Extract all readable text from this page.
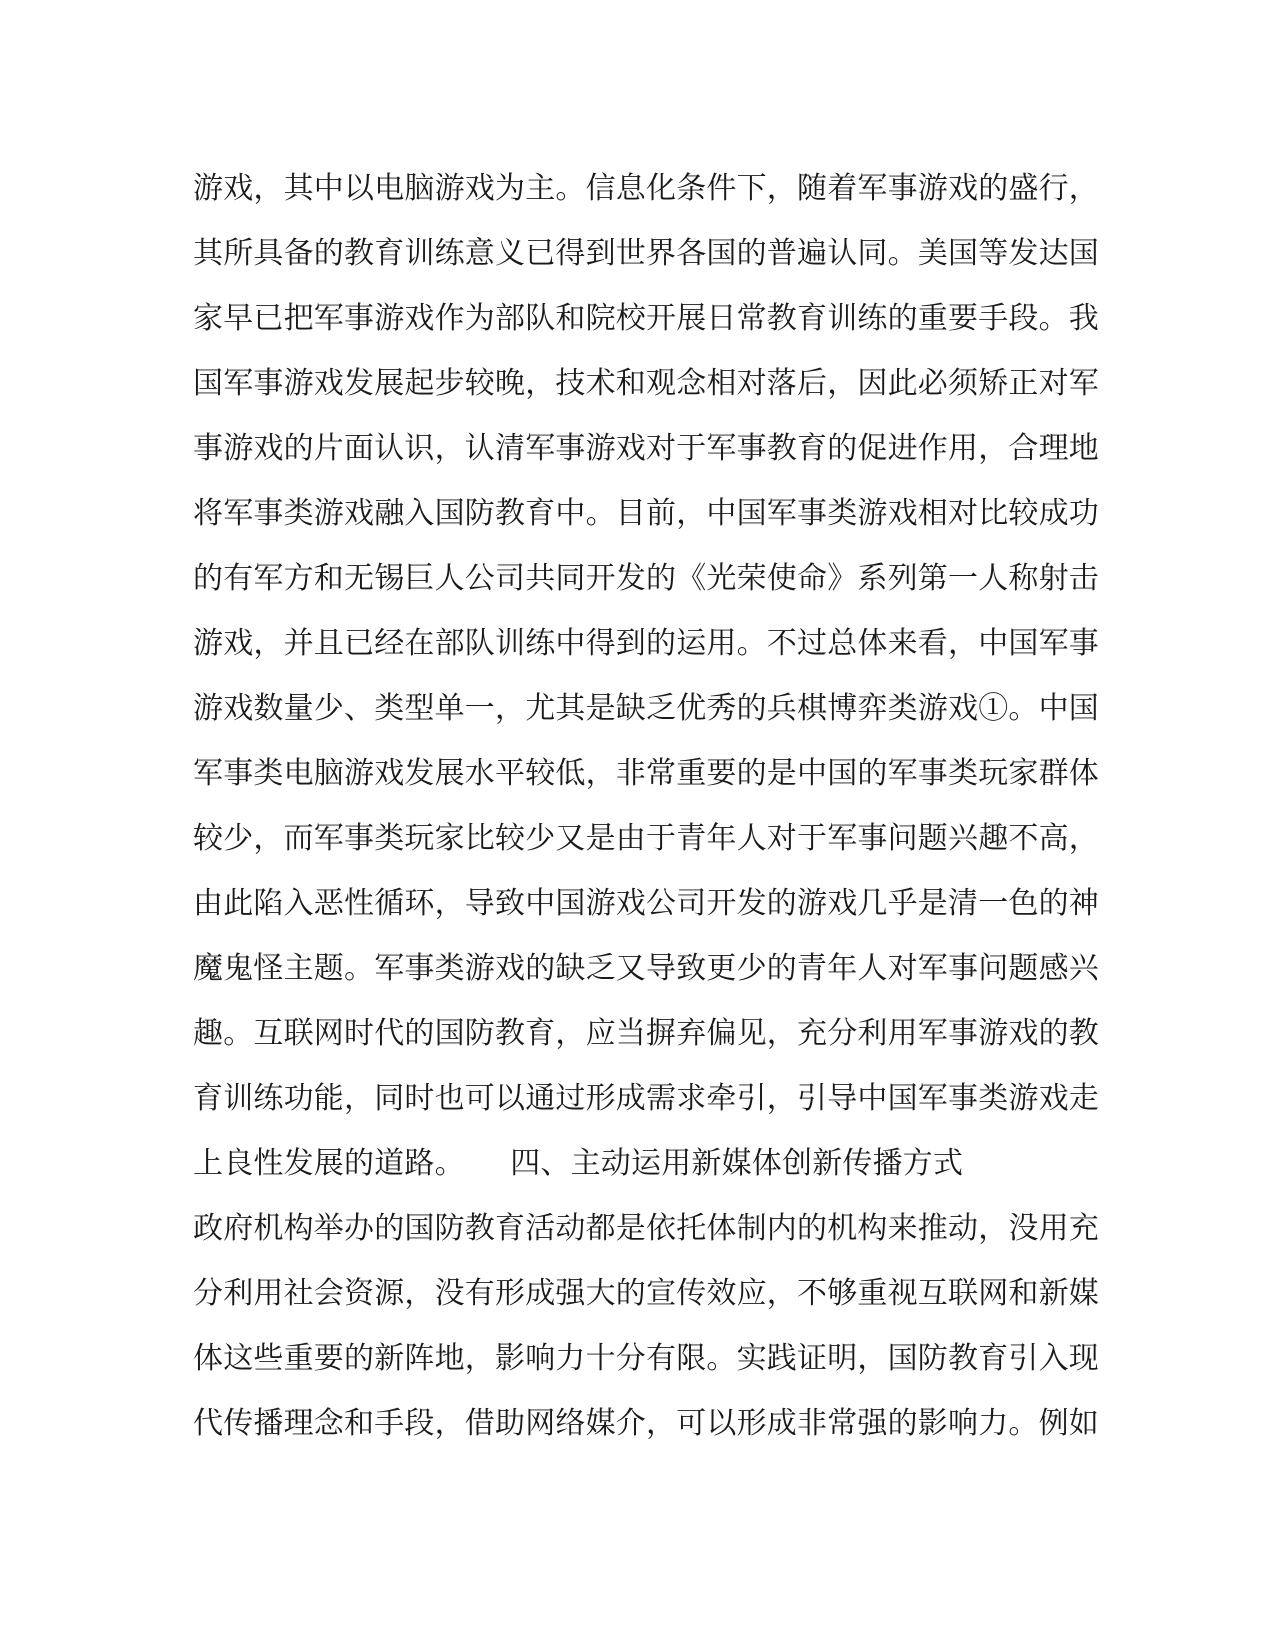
游戏，其中以电脑游戏为主。信息化条件下，随着军事游戏的盛行，
其所具备的教育训练意义已得到世界各国的普遍认同。美国等发达国
家早已把军事游戏作为部队和院校开展日常教育训练的重要手段。我
国军事游戏发展起步较晚，技术和观念相对落后，因此必须矫正对军
事游戏的片面认识，认清军事游戏对于军事教育的促进作用，合理地
将军事类游戏融入国防教育中。目前，中国军事类游戏相对比较成功
的有军方和无锡巨人公司共同开发的《光荣使命》系列第一人称射击
游戏，并且已经在部队训练中得到的运用。不过总体来看，中国军事
游戏数量少、类型单一，尤其是缺乏优秀的兵棋博弈类游戏①。中国
军事类电脑游戏发展水平较低，非常重要的是中国的军事类玩家群体
较少，而军事类玩家比较少又是由于青年人对于军事问题兴趣不高，
由此陷入恶性循环，导致中国游戏公司开发的游戏几乎是清一色的神
魔鬼怪主题。军事类游戏的缺乏又导致更少的青年人对军事问题感兴
趣。互联网时代的国防教育，应当摒弃偏见，充分利用军事游戏的教
育训练功能，同时也可以通过形成需求牵引，引导中国军事类游戏走
上良性发展的道路。　　四、主动运用新媒体创新传播方式
政府机构举办的国防教育活动都是依托体制内的机构来推动，没用充
分利用社会资源，没有形成强大的宣传效应，不够重视互联网和新媒
体这些重要的新阵地，影响力十分有限。实践证明，国防教育引入现
代传播理念和手段，借助网络媒介，可以形成非常强的影响力。例如
